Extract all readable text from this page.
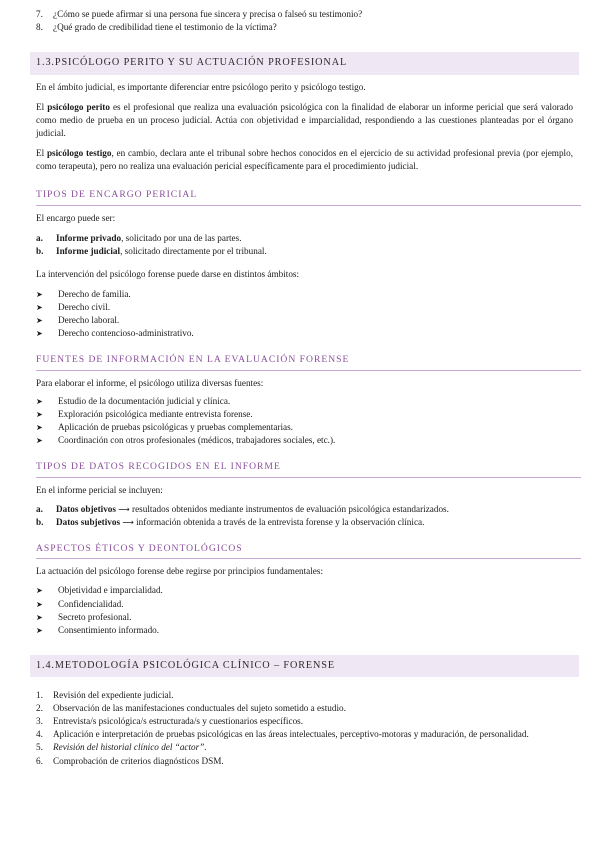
7.	¿Cómo se puede afirmar si una persona fue sincera y precisa o falseó su testimonio?
8.	¿Qué grado de credibilidad tiene el testimonio de la víctima?
1.3.PSICÓLOGO PERITO Y SU ACTUACIÓN PROFESIONAL

En el ámbito judicial, es importante diferenciar entre psicólogo perito y psicólogo testigo.

El psicólogo perito es el profesional que realiza una evaluación psicológica con la finalidad de elaborar un informe pericial que será valorado como medio de prueba en un proceso judicial. Actúa con objetividad e imparcialidad, respondiendo a las cuestiones planteadas por el órgano judicial.

El psicólogo testigo, en cambio, declara ante el tribunal sobre hechos conocidos en el ejercicio de su actividad profesional previa (por ejemplo, como terapeuta), pero no realiza una evaluación pericial específicamente para el procedimiento judicial.

TIPOS DE ENCARGO PERICIAL

El encargo puede ser:

a.	Informe privado, solicitado por una de las partes.
b.	Informe judicial, solicitado directamente por el tribunal.

La intervención del psicólogo forense puede darse en distintos ámbitos:

➤	Derecho de familia.
➤	Derecho civil.
➤	Derecho laboral.
➤	Derecho contencioso-administrativo.
FUENTES DE INFORMACIÓN EN LA EVALUACIÓN FORENSE

Para elaborar el informe, el psicólogo utiliza diversas fuentes:

➤	Estudio de la documentación judicial y clínica.
➤	Exploración psicológica mediante entrevista forense.
➤	Aplicación de pruebas psicológicas y pruebas complementarias.
➤	Coordinación con otros profesionales (médicos, trabajadores sociales, etc.).
TIPOS DE DATOS RECOGIDOS EN EL INFORME

En el informe pericial se incluyen:

a.	Datos objetivos ⟶ resultados obtenidos mediante instrumentos de evaluación psicológica estandarizados.
b.	Datos subjetivos ⟶ información obtenida a través de la entrevista forense y la observación clínica.
ASPECTOS ÉTICOS Y DEONTOLÓGICOS

La actuación del psicólogo forense debe regirse por principios fundamentales:

➤	Objetividad e imparcialidad.
➤	Confidencialidad.
➤	Secreto profesional.
➤	Consentimiento informado.
1.4.METODOLOGÍA PSICOLÓGICA CLÍNICO – FORENSE
1.	Revisión del expediente judicial.
2.	Observación de las manifestaciones conductuales del sujeto sometido a estudio.
3.	Entrevista/s psicológica/s estructurada/s y cuestionarios específicos.
4.	Aplicación e interpretación de pruebas psicológicas en las áreas intelectuales, perceptivo-motoras y maduración, de personalidad.
5.	Revisión del historial clínico del “actor”.
6.	Comprobación de criterios diagnósticos DSM.
